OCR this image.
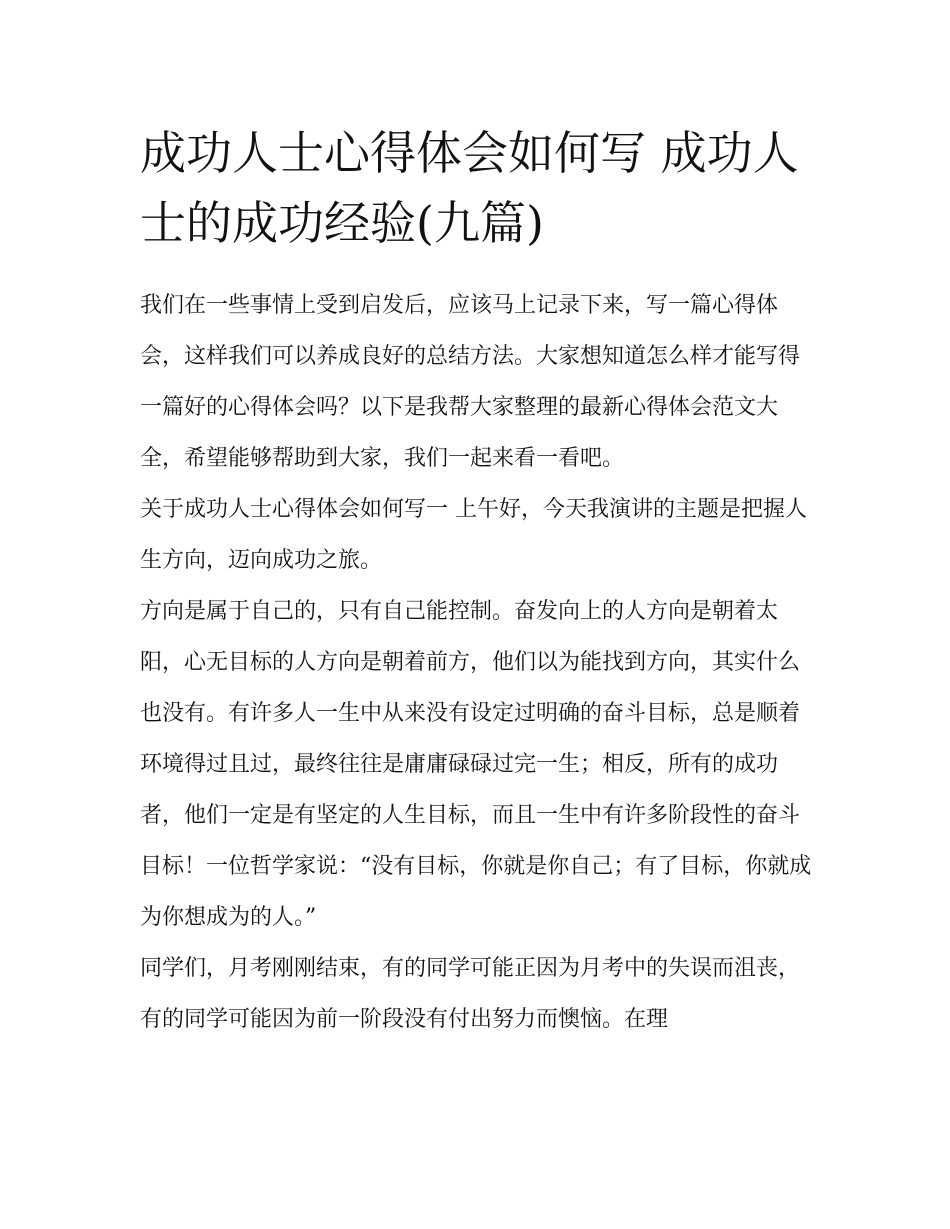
成功人士心得体会如何写 成功人士的成功经验(九篇)

我们在一些事情上受到启发后，应该马上记录下来，写一篇心得体会，这样我们可以养成良好的总结方法。大家想知道怎么样才能写得一篇好的心得体会吗？以下是我帮大家整理的最新心得体会范文大全，希望能够帮助到大家，我们一起来看一看吧。

关于成功人士心得体会如何写一 上午好，今天我演讲的主题是把握人生方向，迈向成功之旅。

方向是属于自己的，只有自己能控制。奋发向上的人方向是朝着太阳，心无目标的人方向是朝着前方，他们以为能找到方向，其实什么也没有。有许多人一生中从来没有设定过明确的奋斗目标，总是顺着环境得过且过，最终往往是庸庸碌碌过完一生；相反，所有的成功者，他们一定是有坚定的人生目标，而且一生中有许多阶段性的奋斗目标！一位哲学家说：“没有目标，你就是你自己；有了目标，你就成为你想成为的人。”

同学们，月考刚刚结束，有的同学可能正因为月考中的失误而沮丧，有的同学可能因为前一阶段没有付出努力而懊恼。在理
